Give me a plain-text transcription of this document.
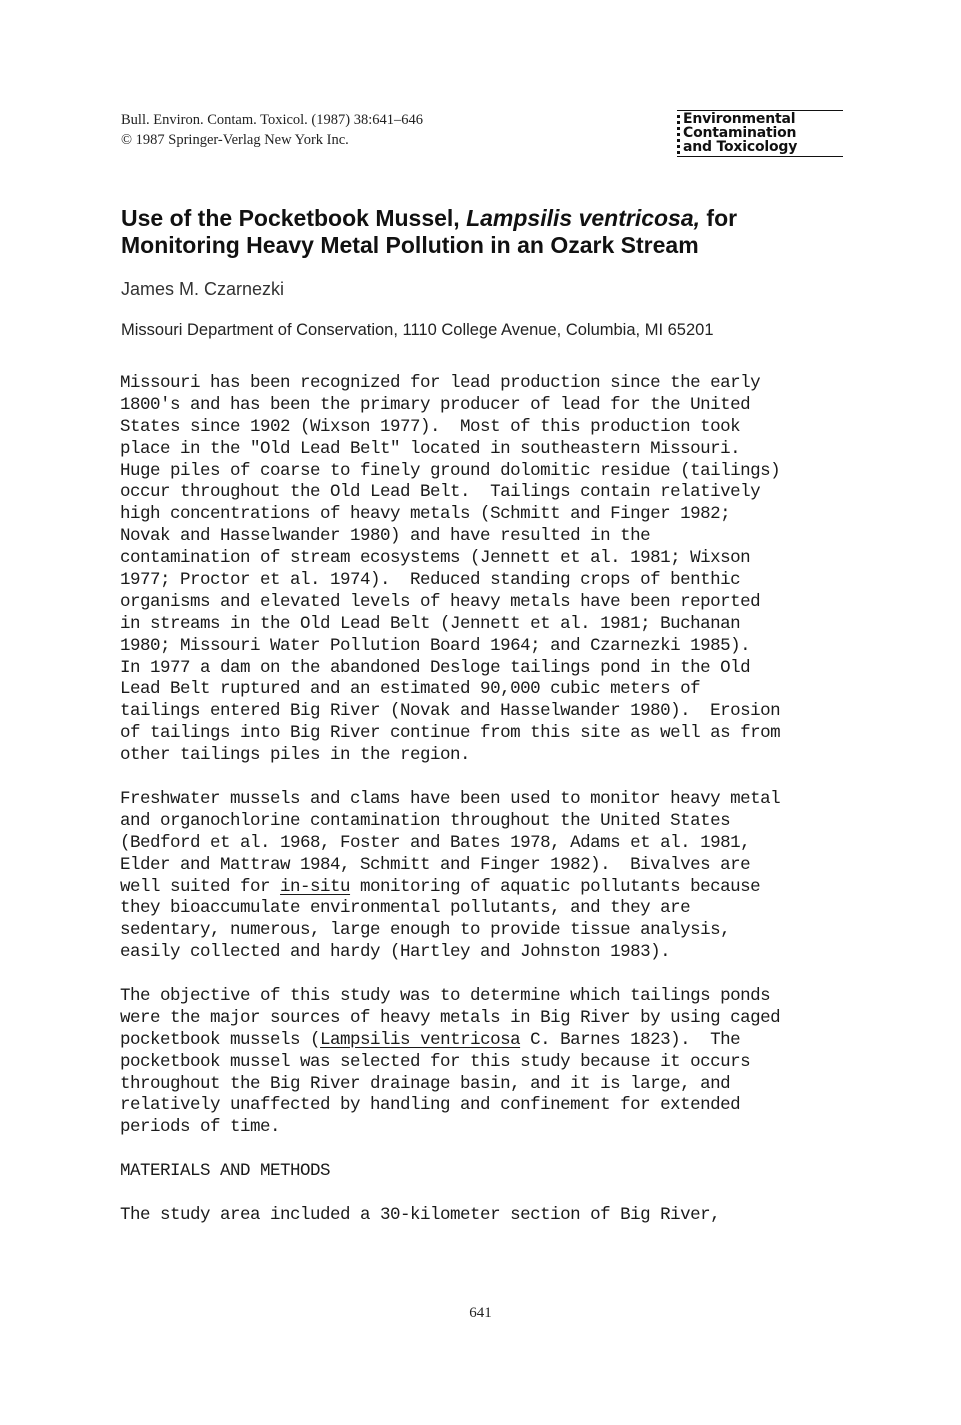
Bull. Environ. Contam. Toxicol. (1987) 38:641–646
© 1987 Springer-Verlag New York Inc.
Environmental
Contamination
and Toxicology
Use of the Pocketbook Mussel, Lampsilis ventricosa, for Monitoring Heavy Metal Pollution in an Ozark Stream
James M. Czarnezki
Missouri Department of Conservation, 1110 College Avenue, Columbia, MI 65201
Missouri has been recognized for lead production since the early
1800's and has been the primary producer of lead for the United
States since 1902 (Wixson 1977).  Most of this production took
place in the "Old Lead Belt" located in southeastern Missouri.
Huge piles of coarse to finely ground dolomitic residue (tailings)
occur throughout the Old Lead Belt.  Tailings contain relatively
high concentrations of heavy metals (Schmitt and Finger 1982;
Novak and Hasselwander 1980) and have resulted in the
contamination of stream ecosystems (Jennett et al. 1981; Wixson
1977; Proctor et al. 1974).  Reduced standing crops of benthic
organisms and elevated levels of heavy metals have been reported
in streams in the Old Lead Belt (Jennett et al. 1981; Buchanan
1980; Missouri Water Pollution Board 1964; and Czarnezki 1985).
In 1977 a dam on the abandoned Desloge tailings pond in the Old
Lead Belt ruptured and an estimated 90,000 cubic meters of
tailings entered Big River (Novak and Hasselwander 1980).  Erosion
of tailings into Big River continue from this site as well as from
other tailings piles in the region.
Freshwater mussels and clams have been used to monitor heavy metal
and organochlorine contamination throughout the United States
(Bedford et al. 1968, Foster and Bates 1978, Adams et al. 1981,
Elder and Mattraw 1984, Schmitt and Finger 1982).  Bivalves are
well suited for in-situ monitoring of aquatic pollutants because
they bioaccumulate environmental pollutants, and they are
sedentary, numerous, large enough to provide tissue analysis,
easily collected and hardy (Hartley and Johnston 1983).
The objective of this study was to determine which tailings ponds
were the major sources of heavy metals in Big River by using caged
pocketbook mussels (Lampsilis ventricosa C. Barnes 1823).  The
pocketbook mussel was selected for this study because it occurs
throughout the Big River drainage basin, and it is large, and
relatively unaffected by handling and confinement for extended
periods of time.
MATERIALS AND METHODS
The study area included a 30-kilometer section of Big River,
641
